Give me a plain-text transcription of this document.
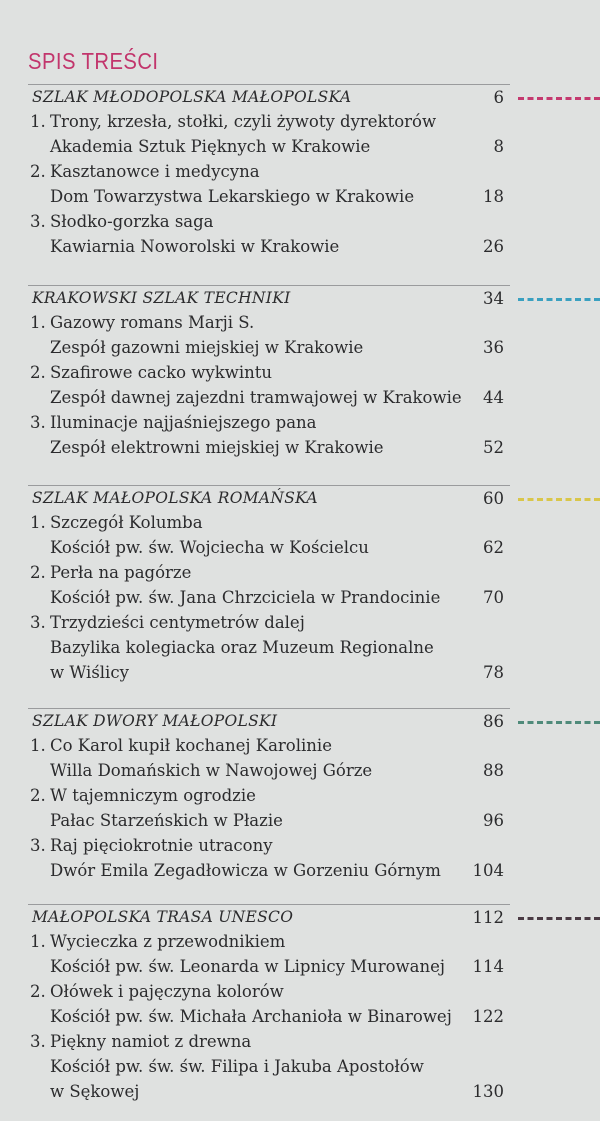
SPIS TREŚCI
SZLAK MŁODOPOLSKA MAŁOPOLSKA	6
1. Trony, krzesła, stołki, czyli żywoty dyrektorów
Akademia Sztuk Pięknych w Krakowie	8
2. Kasztanowce i medycyna
Dom Towarzystwa Lekarskiego w Krakowie	18
3. Słodko-gorzka saga
Kawiarnia Noworolski w Krakowie	26
KRAKOWSKI SZLAK TECHNIKI	34
1. Gazowy romans Marji S.
Zespół gazowni miejskiej w Krakowie	36
2. Szafirowe cacko wykwintu
Zespół dawnej zajezdni tramwajowej w Krakowie 44
3. Iluminacje najjaśniejszego pana
Zespół elektrowni miejskiej w Krakowie	52
SZLAK MAŁOPOLSKA ROMAŃSKA	60
1. Szczegół Kolumba
Kościół pw. św. Wojciecha w Kościelcu	62
2. Perła na pagórze
Kościół pw. św. Jana Chrzciciela w Prandocinie	70
3. Trzydzieści centymetrów dalej
Bazylika kolegiacka oraz Muzeum Regionalne
w Wiślicy	78
SZLAK DWORY MAŁOPOLSKI	86
1. Co Karol kupił kochanej Karolinie
Willa Domańskich w Nawojowej Górze	88
2. W tajemniczym ogrodzie
Pałac Starzeńskich w Płazie	96
3. Raj pięciokrotnie utracony
Dwór Emila Zegadłowicza w Gorzeniu Górnym 104
MAŁOPOLSKA TRASA UNESCO	112
1. Wycieczka z przewodnikiem
Kościół pw. św. Leonarda w Lipnicy Murowanej 114
2. Ołówek i pajęczyna kolorów
Kościół pw. św. Michała Archanioła w Binarowej 122
3. Piękny namiot z drewna
Kościół pw. św. św. Filipa i Jakuba Apostołów
w Sękowej	130
